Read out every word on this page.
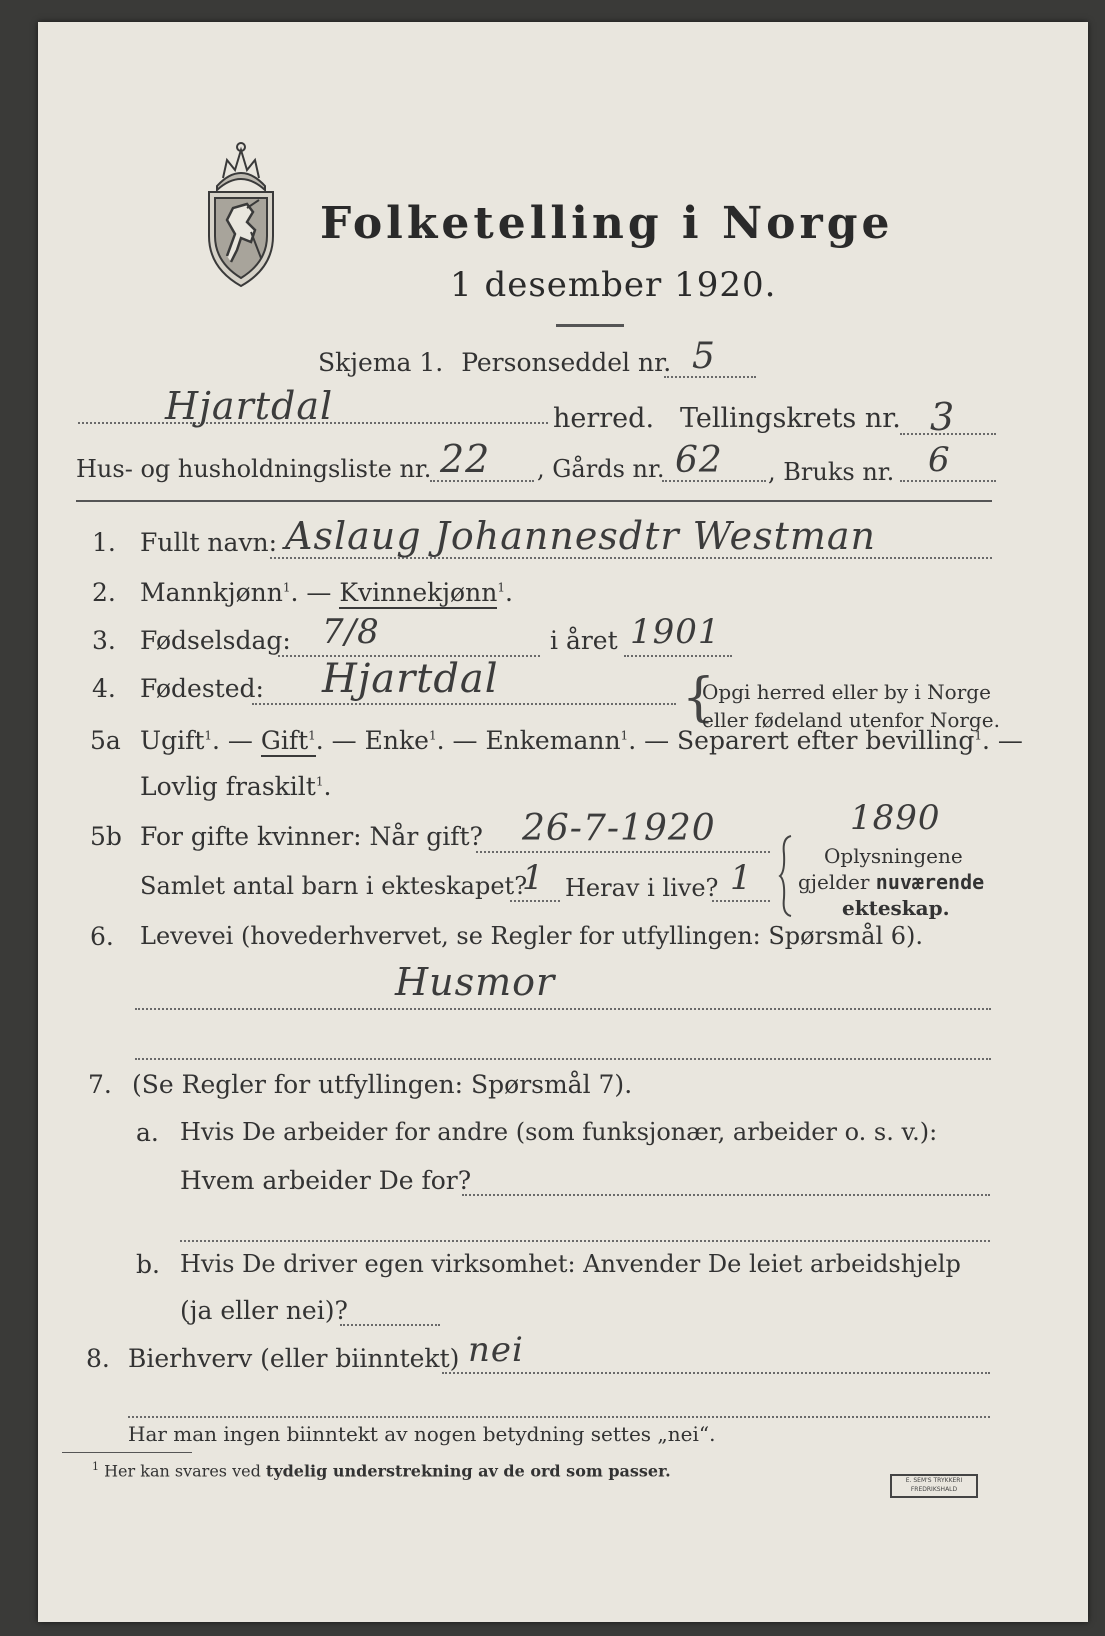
Folketelling i Norge
1 desember 1920.
Skjema 1. Personseddel nr. 5
Hjartdal	herred. Tellingskrets nr. 3
Hus- og husholdningsliste nr. 22 , Gårds nr. 62 , Bruks nr. 6
1. Fullt navn: Aslaug Johannesdtr Westman
2. Mannkjønn$^1$. — Kvinnekjønn$^1$.
3. Fødselsdag: 7/8	i året 1901
4. Fødested: Hjartdal	{
Opgi herred eller by i Norge
eller fødeland utenfor Norge.
5a Ugift$^1$. — Gift$^1$. — Enke$^1$. — Enkemann$^1$. — Separert efter bevilling$^1$. —
Lovlig fraskilt$^1$.
5b For gifte kvinner: Når gift? 26-7-1920	1890
Samlet antal barn i ekteskapet?
1 Herav i live? 1
Oplysningene
gjelder nuværende
ekteskap.
6. Levevei (hovederhvervet, se Regler for utfyllingen: Spørsmål 6).
Husmor
7. (Se Regler for utfyllingen: Spørsmål 7).
a. Hvis De arbeider for andre (som funksjonær, arbeider o. s. v.):
Hvem arbeider De for?
b. Hvis De driver egen virksomhet: Anvender De leiet arbeidshjelp
(ja eller nei)?
8. Bierhverv (eller biinntekt) nei
Har man ingen biinntekt av nogen betydning settes „nei“.
$^1$ Her kan svares ved tydelig understrekning av de ord som passer.
E. SEM'S TRYKKERI
FREDRIKSHALD
